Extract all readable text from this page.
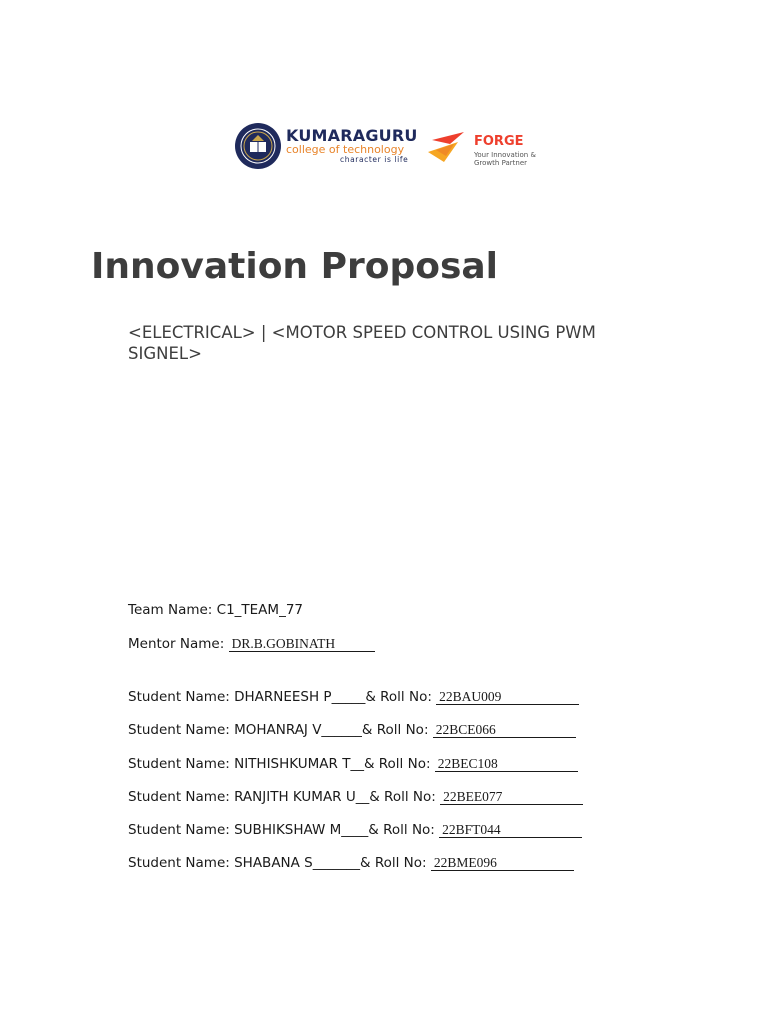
KUMARAGURU
college of technology
character is life
FORGE
Your Innovation & Growth Partner
Innovation Proposal

<ELECTRICAL> | <MOTOR SPEED CONTROL USING PWM SIGNEL>

Team Name: C1_TEAM_77
Mentor Name: DR.B.GOBINATH
Student Name: DHARNEESH P_____& Roll No: 22BAU009
Student Name: MOHANRAJ V______& Roll No: 22BCE066
Student Name: NITHISHKUMAR T__& Roll No: 22BEC108
Student Name: RANJITH KUMAR U__& Roll No: 22BEE077
Student Name: SUBHIKSHAW M____& Roll No: 22BFT044
Student Name: SHABANA S_______& Roll No: 22BME096
